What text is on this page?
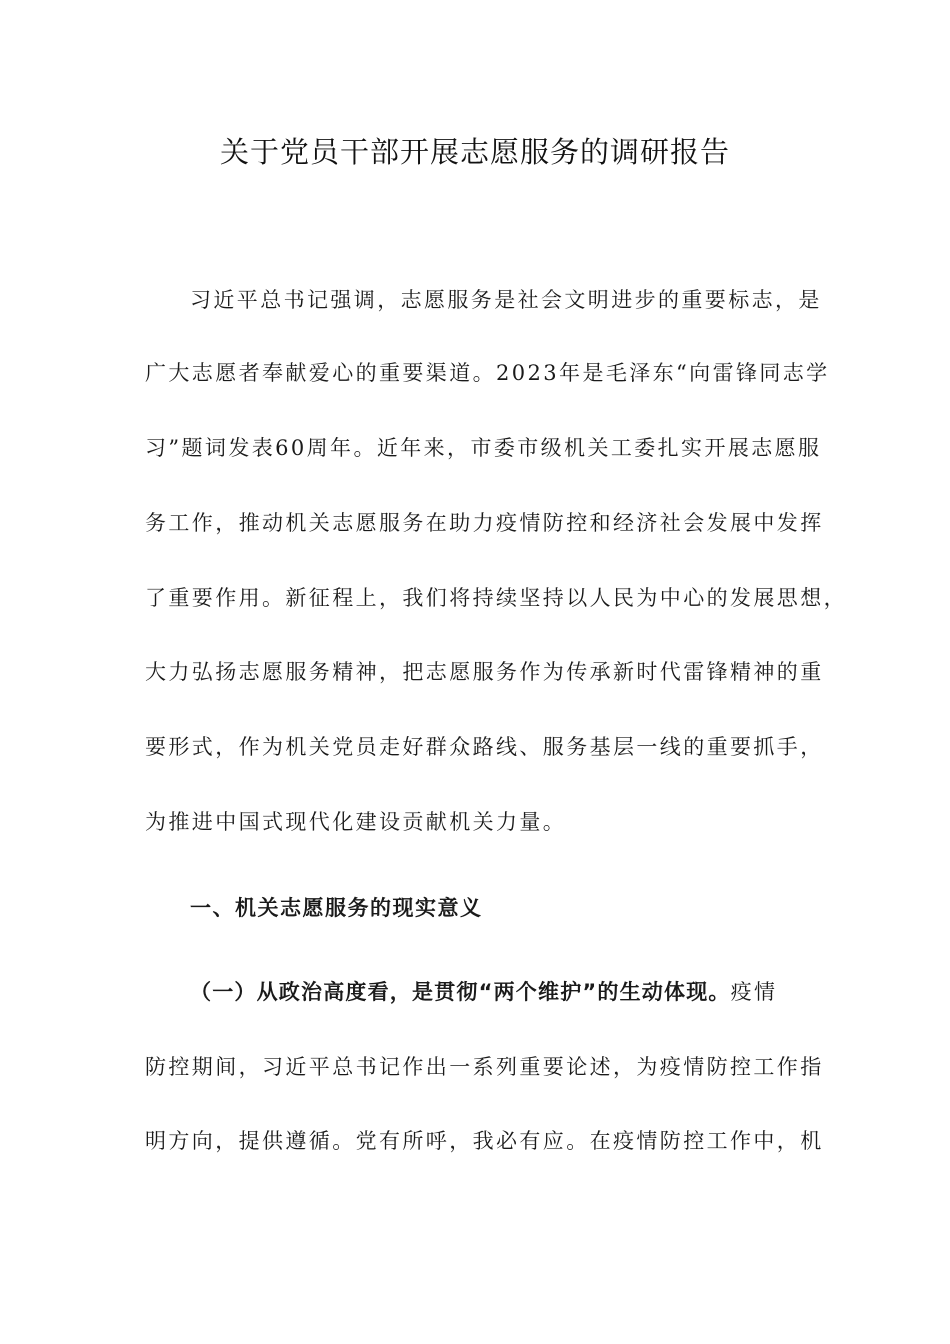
关于党员干部开展志愿服务的调研报告
习近平总书记强调，志愿服务是社会文明进步的重要标志，是
广大志愿者奉献爱心的重要渠道。2023年是毛泽东“向雷锋同志学
习”题词发表60周年。近年来，市委市级机关工委扎实开展志愿服
务工作，推动机关志愿服务在助力疫情防控和经济社会发展中发挥
了重要作用。新征程上，我们将持续坚持以人民为中心的发展思想，
大力弘扬志愿服务精神，把志愿服务作为传承新时代雷锋精神的重
要形式，作为机关党员走好群众路线、服务基层一线的重要抓手，
为推进中国式现代化建设贡献机关力量。
一、机关志愿服务的现实意义
（一）从政治高度看，是贯彻“两个维护”的生动体现。疫情
防控期间，习近平总书记作出一系列重要论述，为疫情防控工作指
明方向，提供遵循。党有所呼，我必有应。在疫情防控工作中，机
